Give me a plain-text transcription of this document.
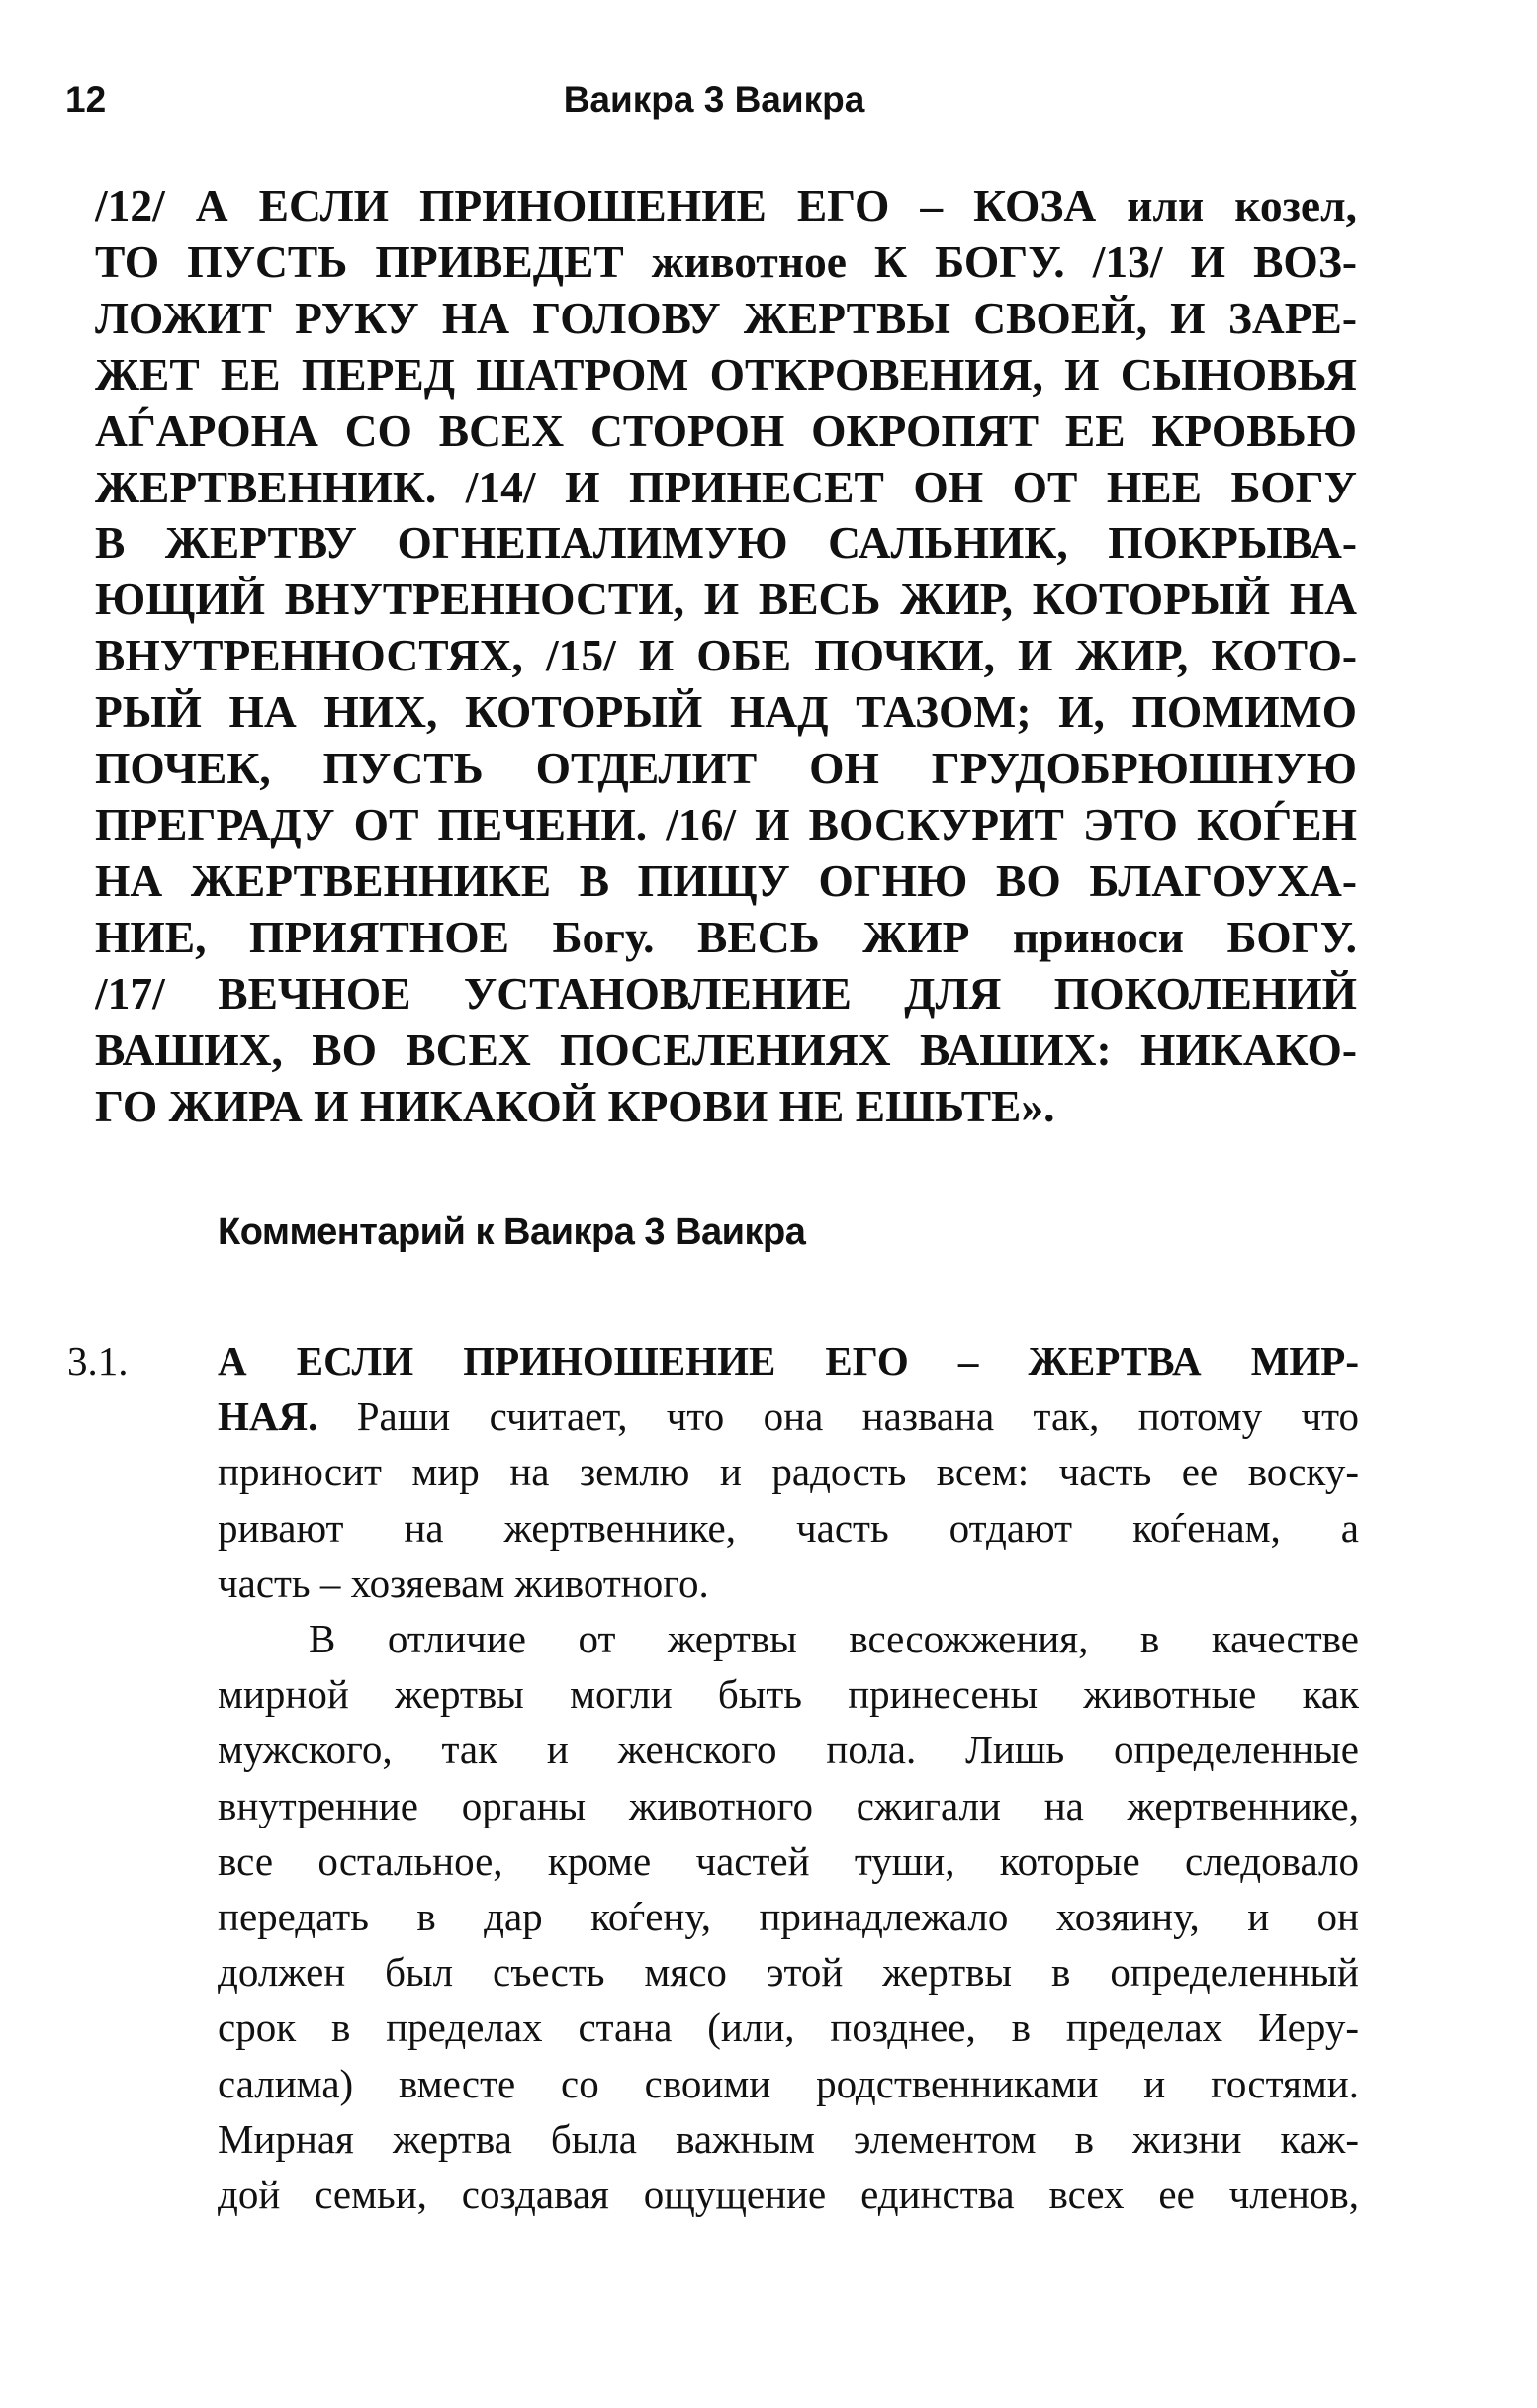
12	Ваикра 3 Ваикра
/12/ А ЕСЛИ ПРИНОШЕНИЕ ЕГО – КОЗА или козел,
ТО ПУСТЬ ПРИВЕДЕТ животное К БОГУ. /13/ И ВОЗ-
ЛОЖИТ РУКУ НА ГОЛОВУ ЖЕРТВЫ СВОЕЙ, И ЗАРЕ-
ЖЕТ ЕЕ ПЕРЕД ШАТРОМ ОТКРОВЕНИЯ, И СЫНОВЬЯ
АЃАРОНА СО ВСЕХ СТОРОН ОКРОПЯТ ЕЕ КРОВЬЮ
ЖЕРТВЕННИК. /14/ И ПРИНЕСЕТ ОН ОТ НЕЕ БОГУ
В ЖЕРТВУ ОГНЕПАЛИМУЮ САЛЬНИК, ПОКРЫВА-
ЮЩИЙ ВНУТРЕННОСТИ, И ВЕСЬ ЖИР, КОТОРЫЙ НА
ВНУТРЕННОСТЯХ, /15/ И ОБЕ ПОЧКИ, И ЖИР, КОТО-
РЫЙ НА НИХ, КОТОРЫЙ НАД ТАЗОМ; И, ПОМИМО
ПОЧЕК, ПУСТЬ ОТДЕЛИТ ОН ГРУДОБРЮШНУЮ
ПРЕГРАДУ ОТ ПЕЧЕНИ. /16/ И ВОСКУРИТ ЭТО КОЃЕН
НА ЖЕРТВЕННИКЕ В ПИЩУ ОГНЮ ВО БЛАГОУХА-
НИЕ, ПРИЯТНОЕ Богу. ВЕСЬ ЖИР приноси БОГУ.
/17/ ВЕЧНОЕ УСТАНОВЛЕНИЕ ДЛЯ ПОКОЛЕНИЙ
ВАШИХ, ВО ВСЕХ ПОСЕЛЕНИЯХ ВАШИХ: НИКАКО-
ГО ЖИРА И НИКАКОЙ КРОВИ НЕ ЕШЬТЕ».
Комментарий к Ваикра 3 Ваикра
3.1. А ЕСЛИ ПРИНОШЕНИЕ ЕГО – ЖЕРТВА МИР-
НАЯ. Раши считает, что она названа так, потому что
приносит мир на землю и радость всем: часть ее воску-
ривают на жертвеннике, часть отдают коѓенам, а
часть – хозяевам животного.
В отличие от жертвы всесожжения, в качестве
мирной жертвы могли быть принесены животные как
мужского, так и женского пола. Лишь определенные
внутренние органы животного сжигали на жертвеннике,
все остальное, кроме частей туши, которые следовало
передать в дар коѓену, принадлежало хозяину, и он
должен был съесть мясо этой жертвы в определенный
срок в пределах стана (или, позднее, в пределах Иеру-
салима) вместе со своими родственниками и гостями.
Мирная жертва была важным элементом в жизни каж-
дой семьи, создавая ощущение единства всех ее членов,
